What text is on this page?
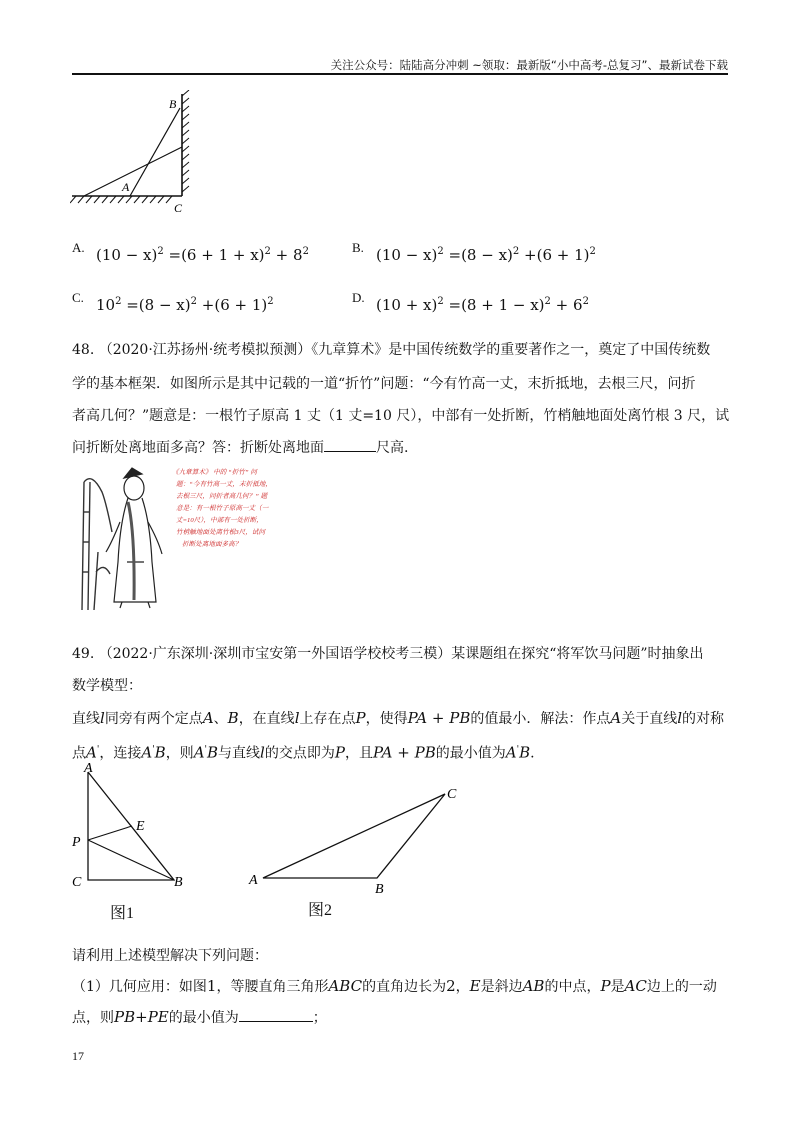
关注公众号：陆陆高分冲刺 ~领取：最新版“小中高考-总复习”、最新试卷下载
B
A
C
A. $(10 - x)^2 =(6 + 1 + x)^2 + 8^2$	B. $(10 - x)^2 =(8 - x)^2 +(6 + 1)^2$
C. $10^2 =(8 - x)^2 +(6 + 1)^2$	D. $(10 + x)^2 =(8 + 1 - x)^2 + 6^2$
48. （2020·江苏扬州·统考模拟预测）《九章算术》是中国传统数学的重要著作之一，奠定了中国传统数
学的基本框架．如图所示是其中记载的一道“折竹”问题：“今有竹高一丈，末折抵地，去根三尺，问折
者高几何？”题意是：一根竹子原高 1 丈（1 丈=10 尺），中部有一处折断，竹梢触地面处离竹根 3 尺，试
问折断处离地面多高？答：折断处离地面	尺高.
《九章算术》 中的 “折竹” 问
题：“今有竹高一丈，末折抵地，
去根三尺，问折者高几何？” 题
意是：有一根竹子原高一丈（一
丈=10尺），中部有一处折断，
竹梢触地面处离竹根3尺，试问
折断处离地面多高？
49. （2022·广东深圳·深圳市宝安第一外国语学校校考三模）某课题组在探究“将军饮马问题”时抽象出
数学模型：
直线l同旁有两个定点A、B，在直线l上存在点P，使得PA + PB的值最小．解法：作点A关于直线l的对称
点A'，连接A'B，则A'B与直线l的交点即为P，且PA + PB的最小值为A'B.
A
E
P
C	B
图1
A
B
C
图2
请利用上述模型解决下列问题：
（1）几何应用：如图1，等腰直角三角形ABC的直角边长为2，E是斜边AB的中点，P是AC边上的一动
点，则PB+PE的最小值为	；
17
